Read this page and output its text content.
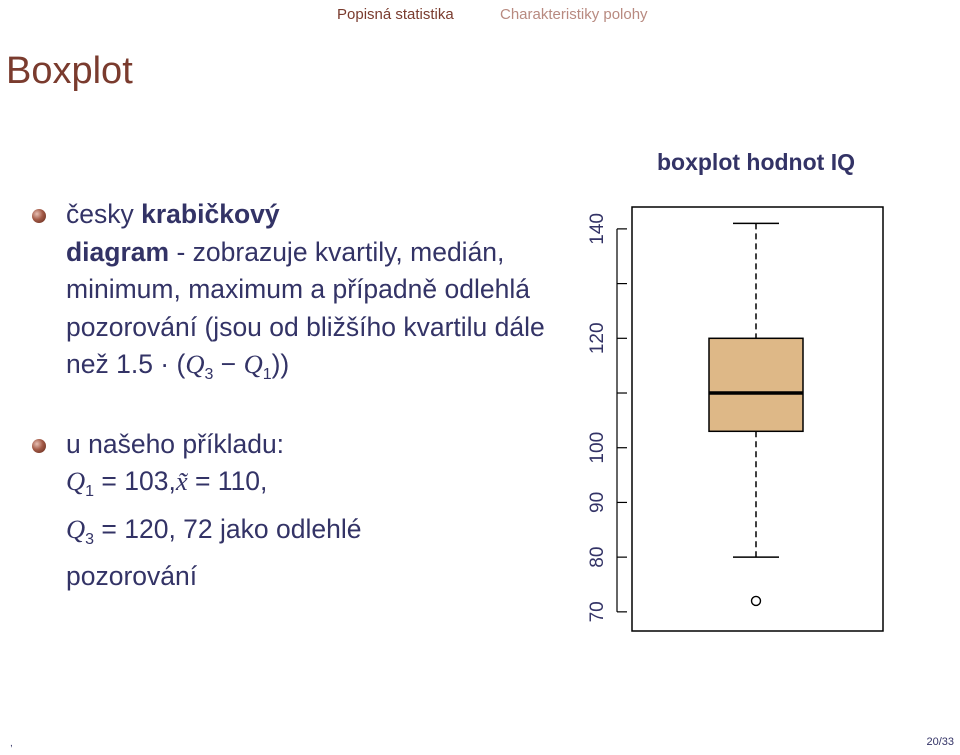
Popisná statistika	Charakteristiky polohy
Boxplot
česky krabičkový
diagram - zobrazuje kvartily, medián, minimum, maximum a případně odlehlá pozorování (jsou od bližšího kvartilu dále
než $1.5 \cdot (Q_3 - Q_1)$)
u našeho příkladu:
$Q_1$ = 103,x̃ = 110,
$Q_3 = 120$, 72 jako odlehlé
pozorování
boxplot hodnot IQ
70
80
90
100
120
140
,	20/33
